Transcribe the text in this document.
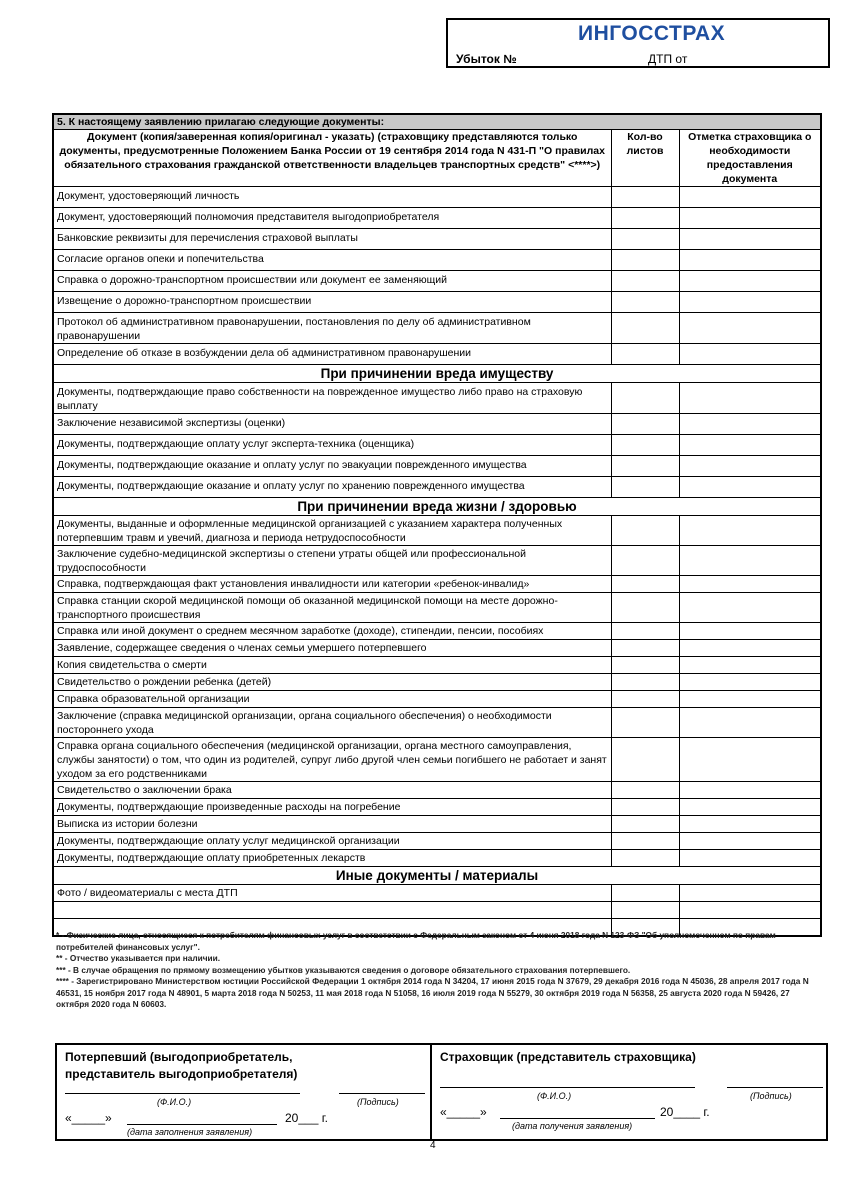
ИНГОССТРАХ
Убыток №	ДТП от
5. К настоящему заявлению прилагаю следующие документы:		
Документ (копия/заверенная копия/оригинал - указать) (страховщику представляются только документы, предусмотренные Положением Банка России от 19 сентября 2014 года N 431-П "О правилах обязательного страхования гражданской ответственности владельцев транспортных средств" <****>)	Кол-во листов	Отметка страховщика о необходимости предоставления документа
Документ, удостоверяющий личность		
Документ, удостоверяющий полномочия представителя выгодоприобретателя		
Банковские реквизиты для перечисления страховой выплаты		
Согласие органов опеки и попечительства		
Справка о дорожно-транспортном происшествии или документ ее заменяющий		
Извещение о дорожно-транспортном происшествии		
Протокол об административном правонарушении, постановления по делу об административном правонарушении		
Определение об отказе в возбуждении дела об административном правонарушении		
При причинении вреда имуществу		
Документы, подтверждающие право собственности на поврежденное имущество либо право на страховую выплату		
Заключение независимой экспертизы (оценки)		
Документы, подтверждающие оплату услуг эксперта-техника (оценщика)		
Документы, подтверждающие оказание и оплату услуг по эвакуации поврежденного имущества		
Документы, подтверждающие оказание и оплату услуг по хранению поврежденного имущества		
При причинении вреда жизни / здоровью		
Документы, выданные и оформленные медицинской организацией с указанием характера полученных потерпевшим травм и увечий, диагноза и периода нетрудоспособности		
Заключение судебно-медицинской экспертизы о степени утраты общей или профессиональной трудоспособности		
Справка, подтверждающая факт установления инвалидности или категории «ребенок-инвалид»		
Справка станции скорой медицинской помощи об оказанной медицинской помощи на месте дорожно-транспортного происшествия		
Справка или иной документ о среднем месячном заработке (доходе), стипендии, пенсии, пособиях		
Заявление, содержащее сведения о членах семьи умершего потерпевшего		
Копия свидетельства о смерти		
Свидетельство о рождении ребенка (детей)		
Справка образовательной организации		
Заключение (справка медицинской организации, органа социального обеспечения) о необходимости постороннего ухода		
Справка органа социального обеспечения (медицинской организации, органа местного самоуправления, службы занятости) о том, что один из родителей, супруг либо другой член семьи погибшего не работает и занят уходом за его родственниками		
Свидетельство о заключении брака		
Документы, подтверждающие произведенные расходы на погребение		
Выписка из истории болезни		
Документы, подтверждающие оплату услуг медицинской организации		
Документы, подтверждающие оплату приобретенных лекарств		
Иные документы / материалы		
Фото / видеоматериалы с места ДТП		

* - Физические лица, относящиеся к потребителям финансовых услуг в соответствии с Федеральным законом от 4 июня 2018 года N 123-ФЗ "Об уполномоченном по правам потребителей финансовых услуг".
** - Отчество указывается при наличии.
*** - В случае обращения по прямому возмещению убытков указываются сведения о договоре обязательного страхования потерпевшего.
**** - Зарегистрировано Министерством юстиции Российской Федерации 1 октября 2014 года N 34204, 17 июня 2015 года N 37679, 29 декабря 2016 года N 45036, 28 апреля 2017 года N 46531, 15 ноября 2017 года N 48901, 5 марта 2018 года N 50253, 11 мая 2018 года N 51058, 16 июля 2019 года N 55279, 30 октября 2019 года N 56358, 25 августа 2020 года N 59426, 27 октября 2020 года N 60603.
Потерпевший (выгодоприобретатель, представитель выгодоприобретателя)
(Ф.И.О.)	(Подпись)
«_____»	20___ г.
(дата заполнения заявления)
Страховщик (представитель страховщика)
(Ф.И.О.)	(Подпись)
«_____»	20____ г.
(дата получения заявления)
4
